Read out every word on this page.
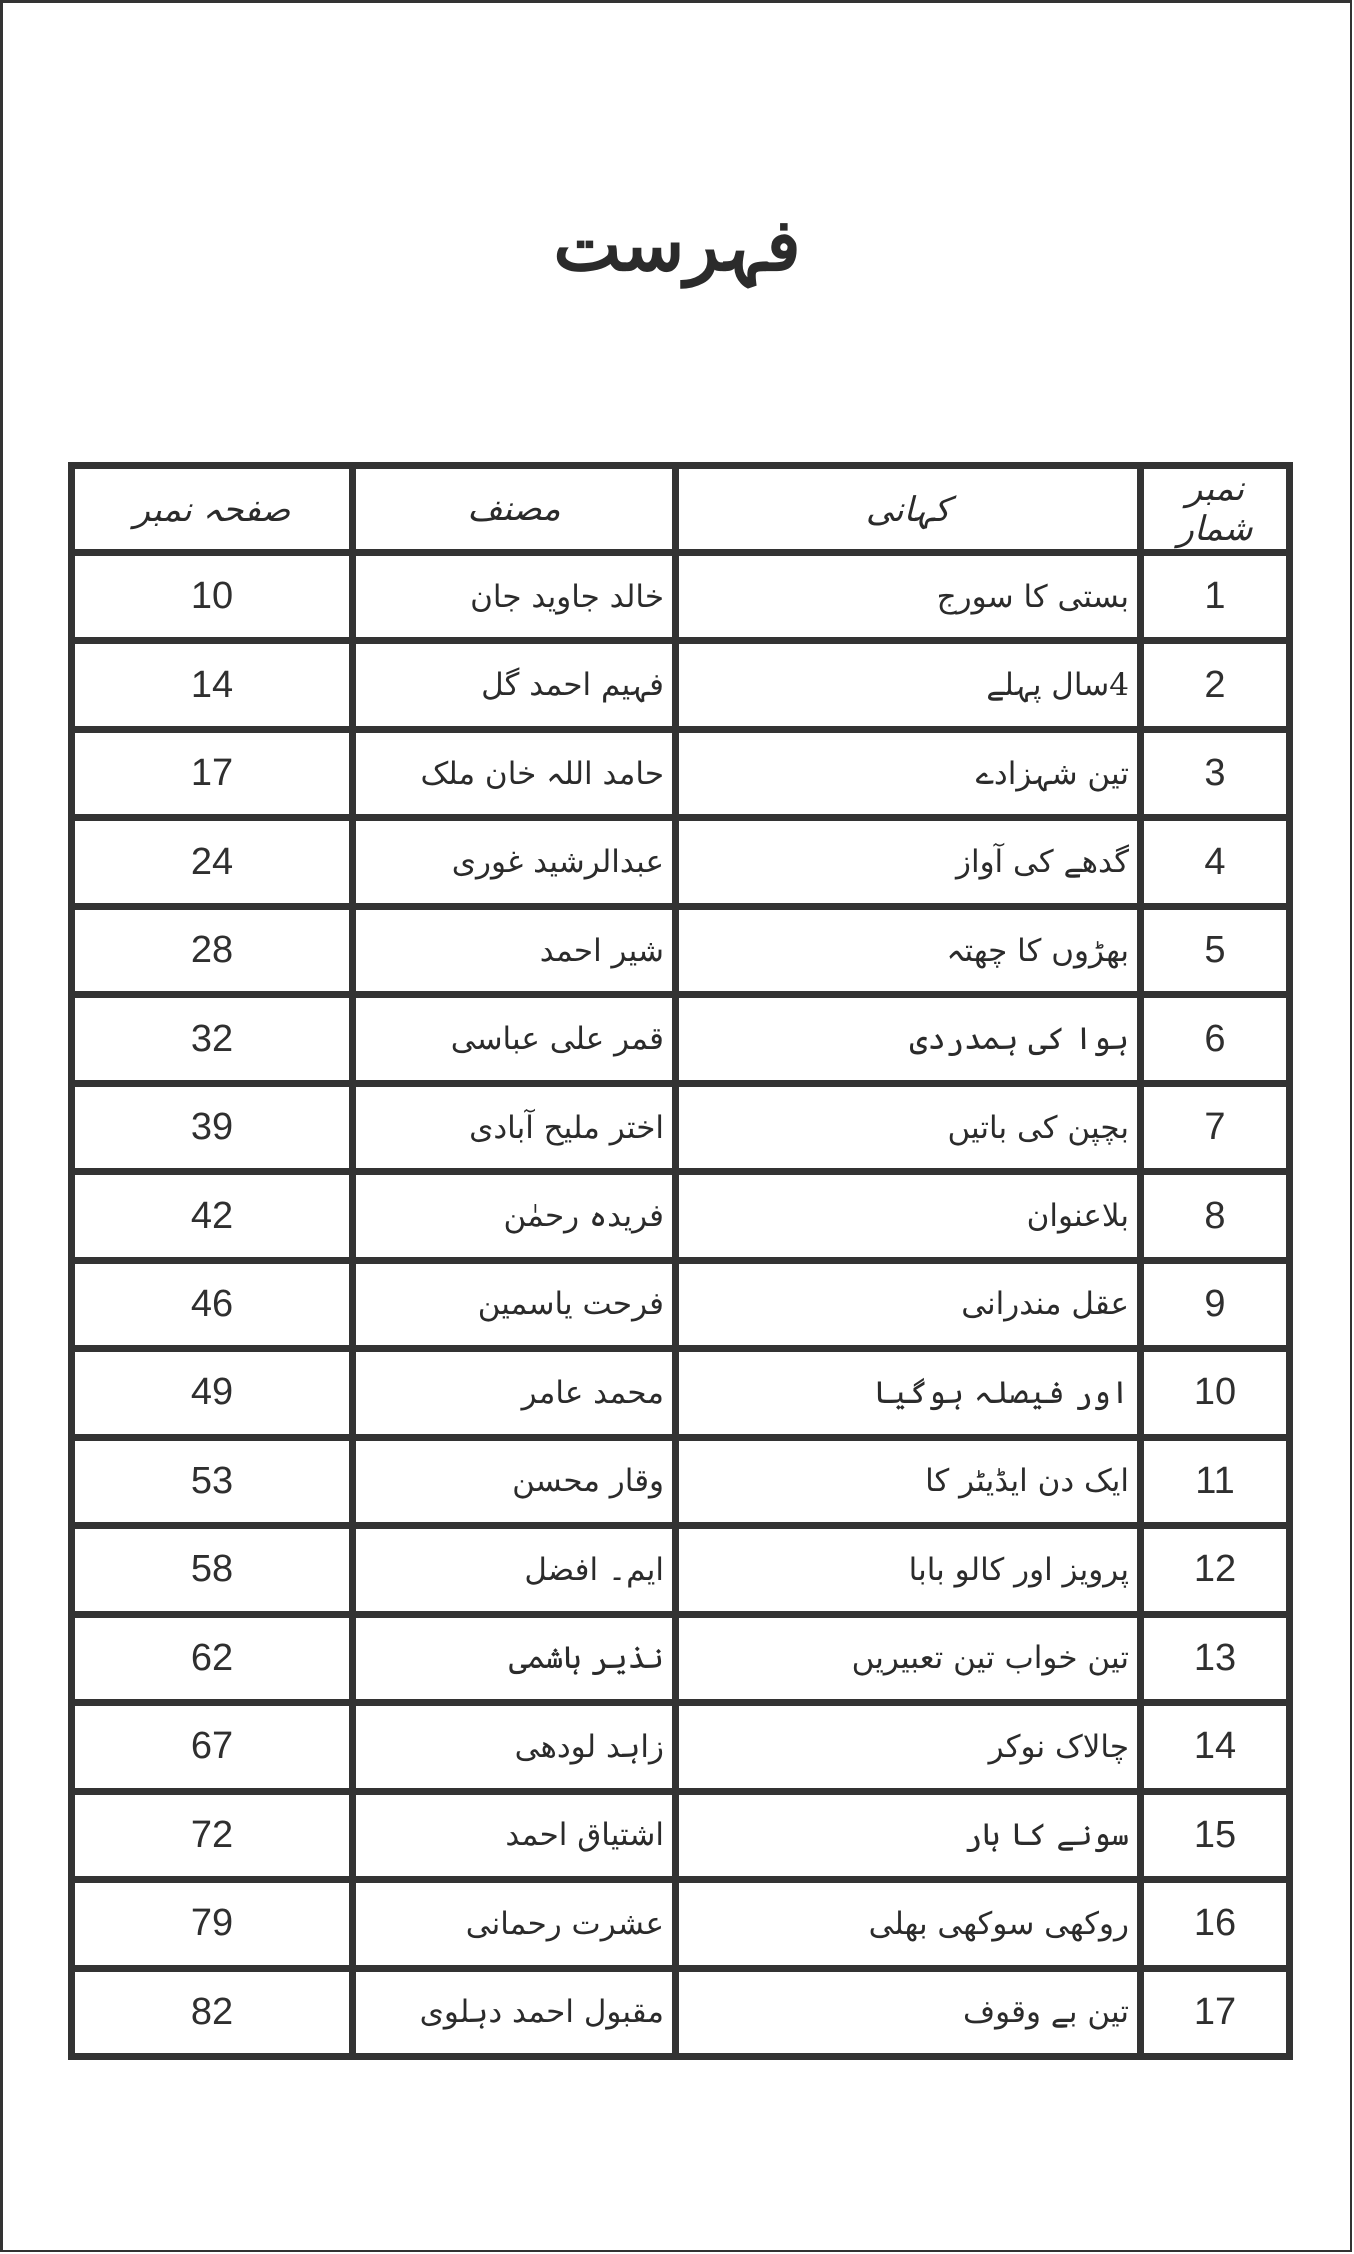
فہرست
صفحہ نمبر	مصنف	کہانی	نمبر شمار
10	خالد جاوید جان	بستی کا سورج	1
14	فہیم احمد گل	4سال پہلے	2
17	حامد اللہ خان ملک	تین شہزادے	3
24	عبدالرشید غوری	گدھے کی آواز	4
28	شیر احمد	بھڑوں کا چھتہ	5
32	قمر علی عباسی	ہوا کی ہمدردی	6
39	اختر ملیح آبادی	بچپن کی باتیں	7
42	فریدہ رحمٰن	بلاعنوان	8
46	فرحت یاسمین	عقل مندرانی	9
49	محمد عامر	اور فیصلہ ہوگیا	10
53	وقار محسن	ایک دن ایڈیٹر کا	11
58	ایم۔ افضل	پرویز اور کالو بابا	12
62	نذیر ہاشمی	تین خواب تین تعبیریں	13
67	زاہد لودھی	چالاک نوکر	14
72	اشتیاق احمد	سونے کا ہار	15
79	عشرت رحمانی	روکھی سوکھی بھلی	16
82	مقبول احمد دہلوی	تین بے وقوف	17
